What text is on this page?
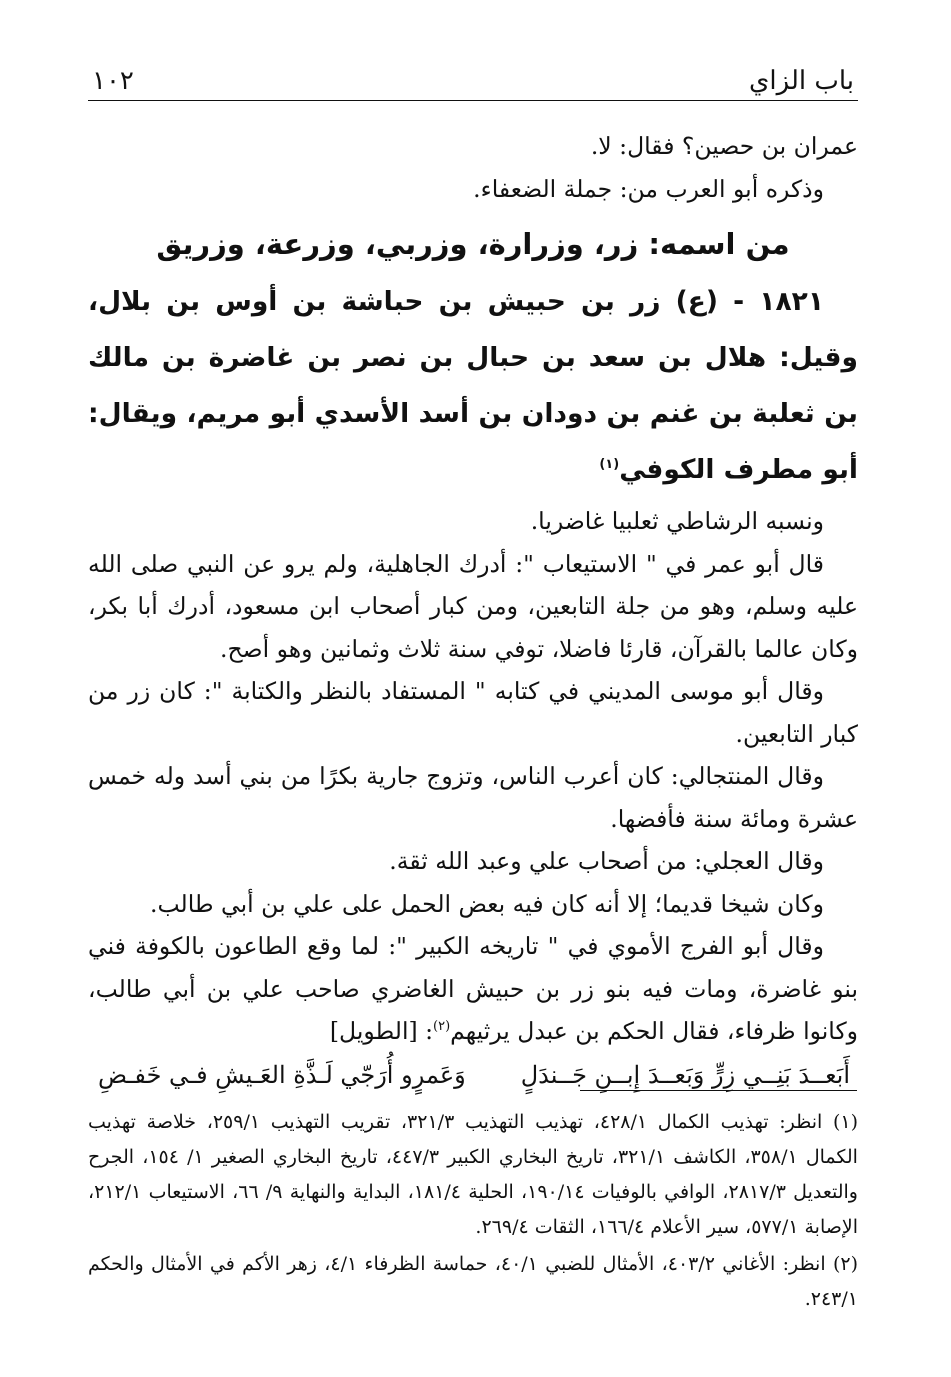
باب الزاي
١٠٢

عمران بن حصين؟ فقال: لا.

وذكره أبو العرب من: جملة الضعفاء.

من اسمه: زر، وزرارة، وزربي، وزرعة، وزريق

١٨٢١ - (ع) زر بن حبيش بن حباشة بن أوس بن بلال، وقيل: هلال بن سعد بن حبال بن نصر بن غاضرة بن مالك بن ثعلبة بن غنم بن دودان بن أسد الأسدي أبو مريم، ويقال: أبو مطرف الكوفي$^{(١)}$

ونسبه الرشاطي ثعلبيا غاضريا.

قال أبو عمر في " الاستيعاب ": أدرك الجاهلية، ولم يرو عن النبي صلى الله عليه وسلم، وهو من جلة التابعين، ومن كبار أصحاب ابن مسعود، أدرك أبا بكر، وكان عالما بالقرآن، قارئا فاضلا، توفي سنة ثلاث وثمانين وهو أصح.

وقال أبو موسى المديني في كتابه " المستفاد بالنظر والكتابة ": كان زر من كبار التابعين.

وقال المنتجالي: كان أعرب الناس، وتزوج جارية بكرًا من بني أسد وله خمس عشرة ومائة سنة فأفضها.

وقال العجلي: من أصحاب علي وعبد الله ثقة.

وكان شيخا قديما؛ إلا أنه كان فيه بعض الحمل على علي بن أبي طالب.

وقال أبو الفرج الأموي في " تاريخه الكبير ": لما وقع الطاعون بالكوفة فني بنو غاضرة، ومات فيه بنو زر بن حبيش الغاضري صاحب علي بن أبي طالب، وكانوا ظرفاء، فقال الحكم بن عبدل يرثيهم$^{(٢)}$: [الطويل]

أَبَعــدَ بَنِــي زِرٍّ وَبَعــدَ إِبــنِ جَــندَلٍ
وَعَمرٍو أُرَجّي لَـذَّةِ العَـيشِ فـي خَفـضِ

(١) انظر: تهذيب الكمال ٤٢٨/١، تهذيب التهذيب ٣٢١/٣، تقريب التهذيب ٢٥٩/١، خلاصة تهذيب الكمال ٣٥٨/١، الكاشف ٣٢١/١، تاريخ البخاري الكبير ٤٤٧/٣، تاريخ البخاري الصغير ١/ ١٥٤، الجرح والتعديل ٢٨١٧/٣، الوافي بالوفيات ١٩٠/١٤، الحلية ١٨١/٤، البداية والنهاية ٩/ ٦٦، الاستيعاب ٢١٢/١، الإصابة ٥٧٧/١، سير الأعلام ١٦٦/٤، الثقات ٢٦٩/٤.

(٢) انظر: الأغاني ٤٠٣/٢، الأمثال للضبي ٤٠/١، حماسة الظرفاء ٤/١، زهر الأكم في الأمثال والحكم ٢٤٣/١.
